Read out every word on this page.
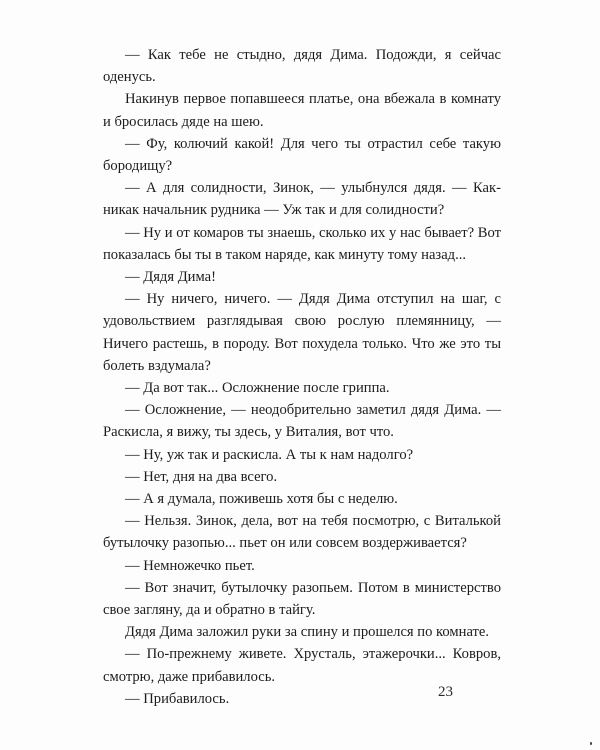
— Как тебе не стыдно, дядя Дима. Подожди, я сейчас оденусь.

Накинув первое попавшееся платье, она вбежала в комнату и бросилась дяде на шею.

— Фу, колючий какой! Для чего ты отрастил себе такую бородищу?

— А для солидности, Зинок, — улыбнулся дядя. — Как-никак начальник рудника — Уж так и для солидности?

— Ну и от комаров ты знаешь, сколько их у нас бывает? Вот показалась бы ты в таком наряде, как минуту тому назад...

— Дядя Дима!

— Ну ничего, ничего. — Дядя Дима отступил на шаг, с удовольствием разглядывая свою рослую племянницу, — Ничего растешь, в породу. Вот похудела только. Что же это ты болеть вздумала?

— Да вот так... Осложнение после гриппа.

— Осложнение, — неодобрительно заметил дядя Дима. — Раскисла, я вижу, ты здесь, у Виталия, вот что.

— Ну, уж так и раскисла. А ты к нам надолго?

— Нет, дня на два всего.

— А я думала, поживешь хотя бы с неделю.

— Нельзя. Зинок, дела, вот на тебя посмотрю, с Виталькой бутылочку разопью... пьет он или совсем воздерживается?

— Немножечко пьет.

— Вот значит, бутылочку разопьем. Потом в министерство свое загляну, да и обратно в тайгу.

Дядя Дима заложил руки за спину и прошелся по комнате.

— По-прежнему живете. Хрусталь, этажерочки... Ковров, смотрю, даже прибавилось.

— Прибавилось.	23
